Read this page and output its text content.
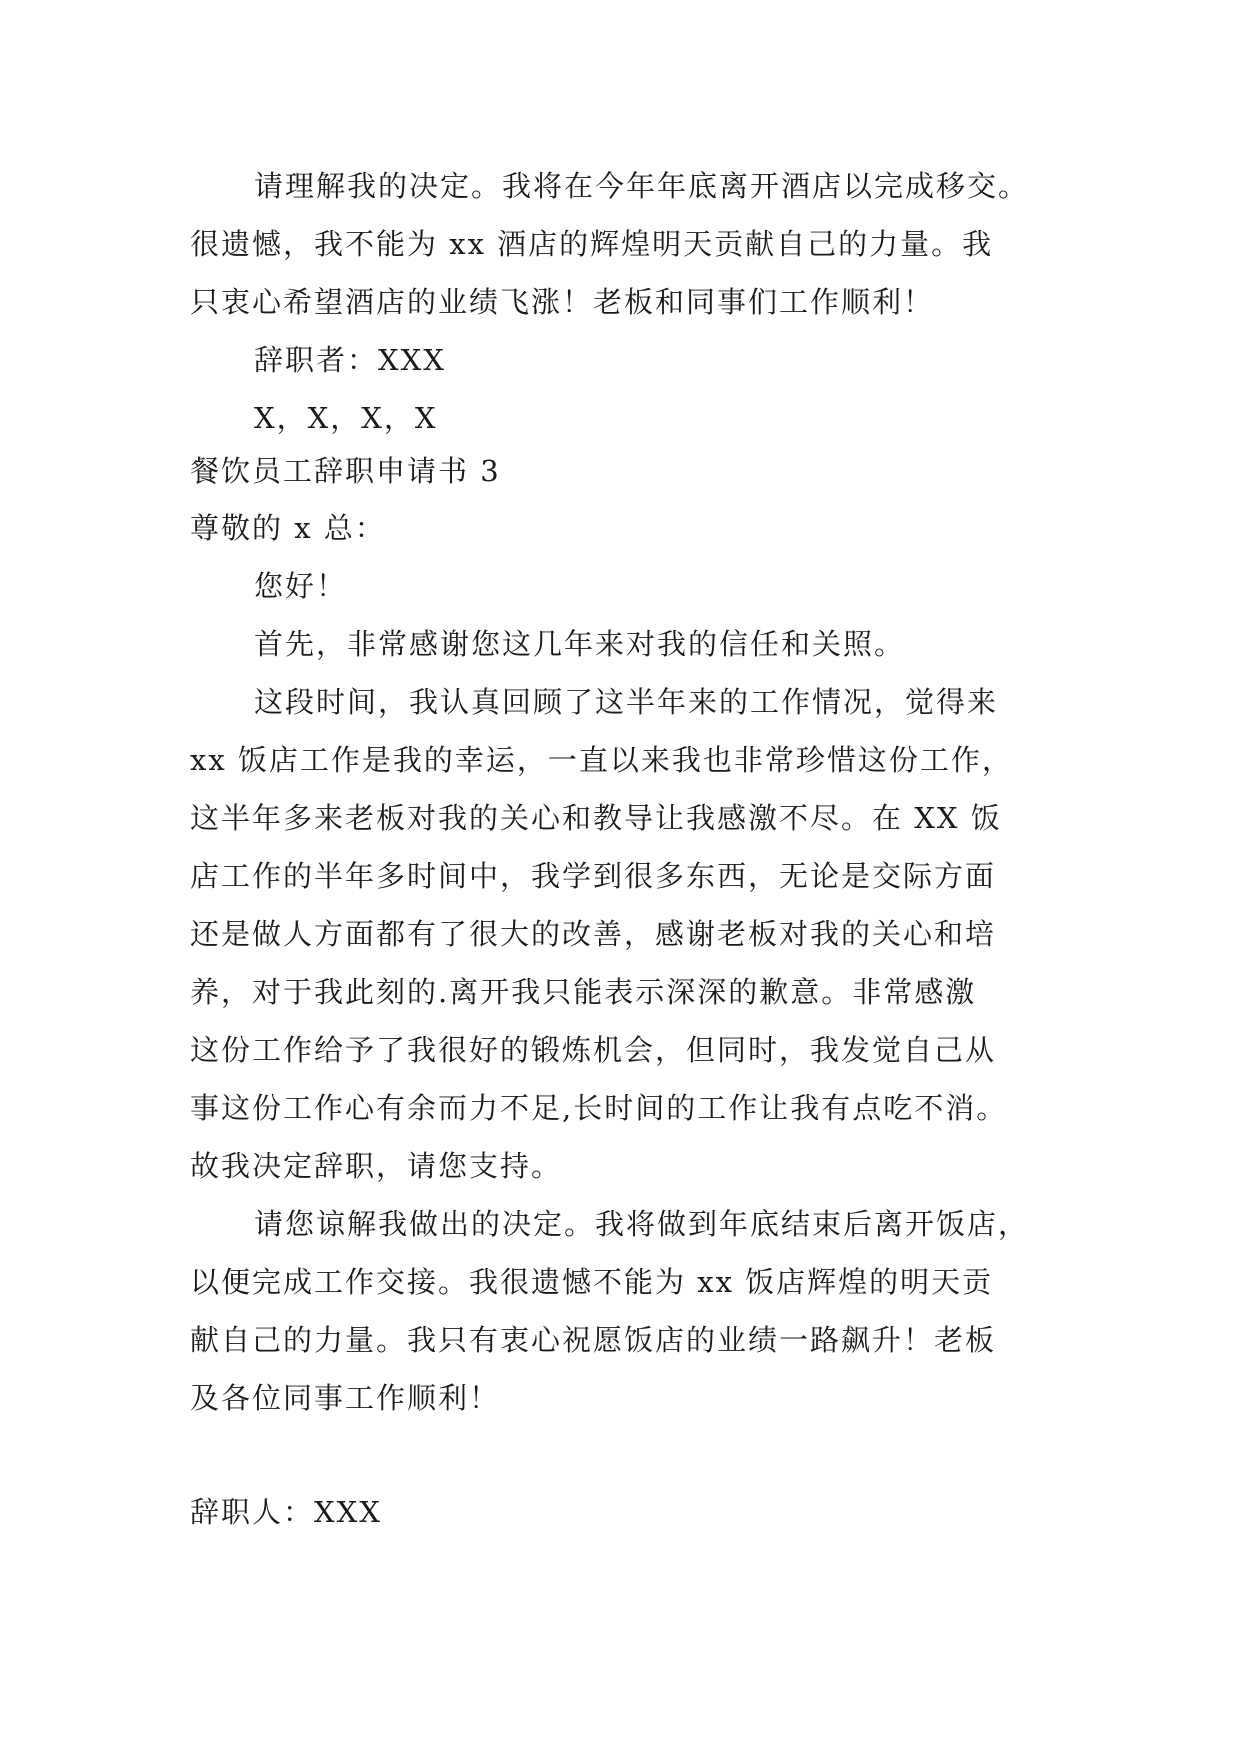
请理解我的决定。我将在今年年底离开酒店以完成移交。
很遗憾，我不能为 xx 酒店的辉煌明天贡献自己的力量。我
只衷心希望酒店的业绩飞涨！老板和同事们工作顺利！
辞职者：XXX
X，X，X，X
餐饮员工辞职申请书 3
尊敬的 x 总：
您好！
首先，非常感谢您这几年来对我的信任和关照。
这段时间，我认真回顾了这半年来的工作情况，觉得来
xx 饭店工作是我的幸运，一直以来我也非常珍惜这份工作，
这半年多来老板对我的关心和教导让我感激不尽。在 XX 饭
店工作的半年多时间中，我学到很多东西，无论是交际方面
还是做人方面都有了很大的改善，感谢老板对我的关心和培
养，对于我此刻的.离开我只能表示深深的歉意。非常感激
这份工作给予了我很好的锻炼机会，但同时，我发觉自己从
事这份工作心有余而力不足,长时间的工作让我有点吃不消。
故我决定辞职，请您支持。
请您谅解我做出的决定。我将做到年底结束后离开饭店，
以便完成工作交接。我很遗憾不能为 xx 饭店辉煌的明天贡
献自己的力量。我只有衷心祝愿饭店的业绩一路飙升！老板
及各位同事工作顺利！
辞职人：XXX
